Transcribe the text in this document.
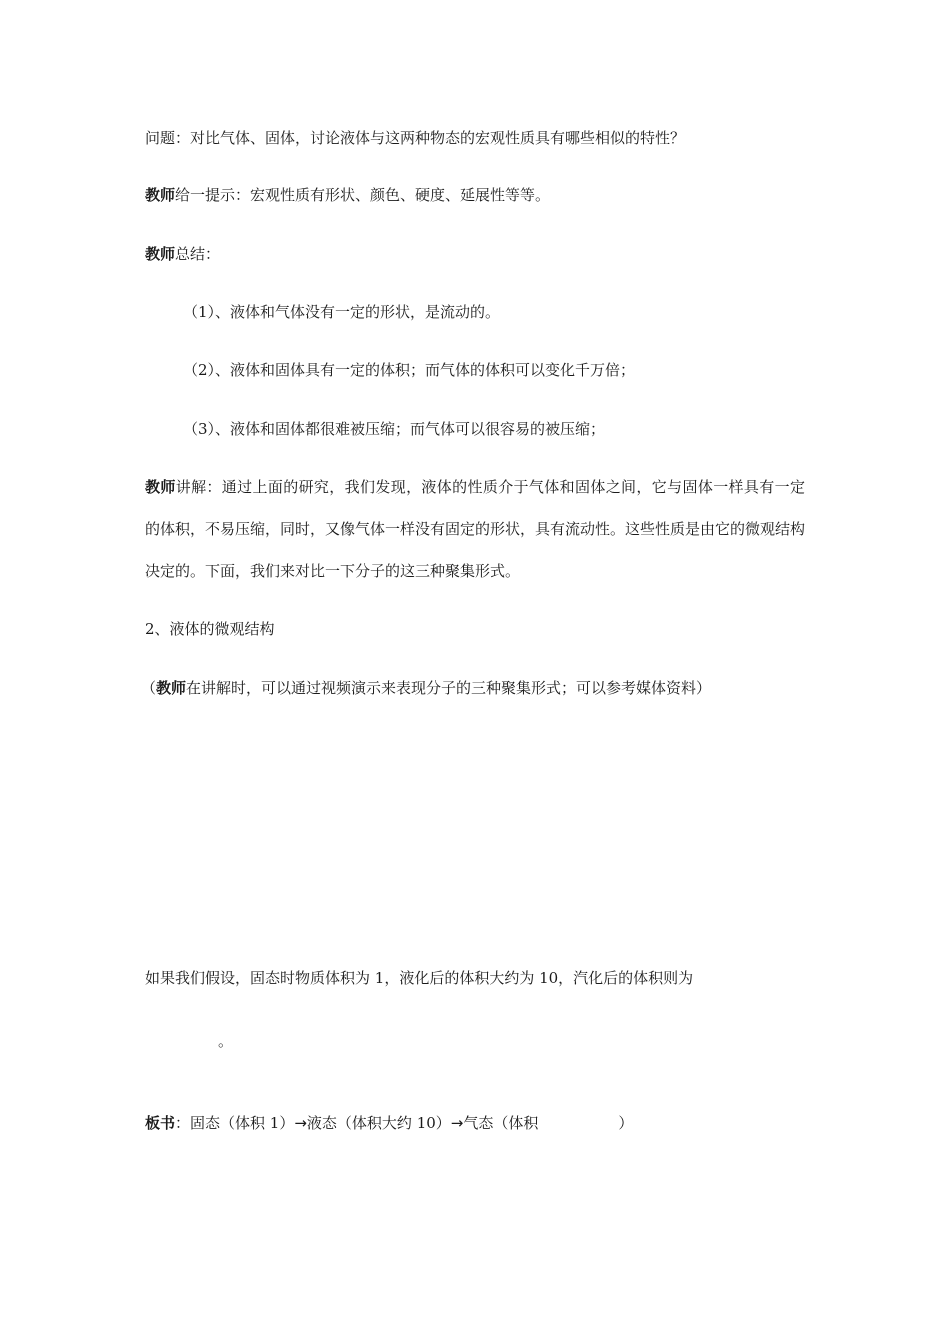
问题：对比气体、固体，讨论液体与这两种物态的宏观性质具有哪些相似的特性？
教师给一提示：宏观性质有形状、颜色、硬度、延展性等等。
教师总结：
（1）、液体和气体没有一定的形状，是流动的。
（2）、液体和固体具有一定的体积；而气体的体积可以变化千万倍；
（3）、液体和固体都很难被压缩；而气体可以很容易的被压缩；
教师讲解：通过上面的研究，我们发现，液体的性质介于气体和固体之间，它与固体一样具有一定的体积，不易压缩，同时，又像气体一样没有固定的形状，具有流动性。这些性质是由它的微观结构决定的。下面，我们来对比一下分子的这三种聚集形式。
2、液体的微观结构
（教师在讲解时，可以通过视频演示来表现分子的三种聚集形式；可以参考媒体资料）
如果我们假设，固态时物质体积为 1，液化后的体积大约为 10，汽化后的体积则为
。
板书：固态（体积 1）→液态（体积大约 10）→气态（体积	）
